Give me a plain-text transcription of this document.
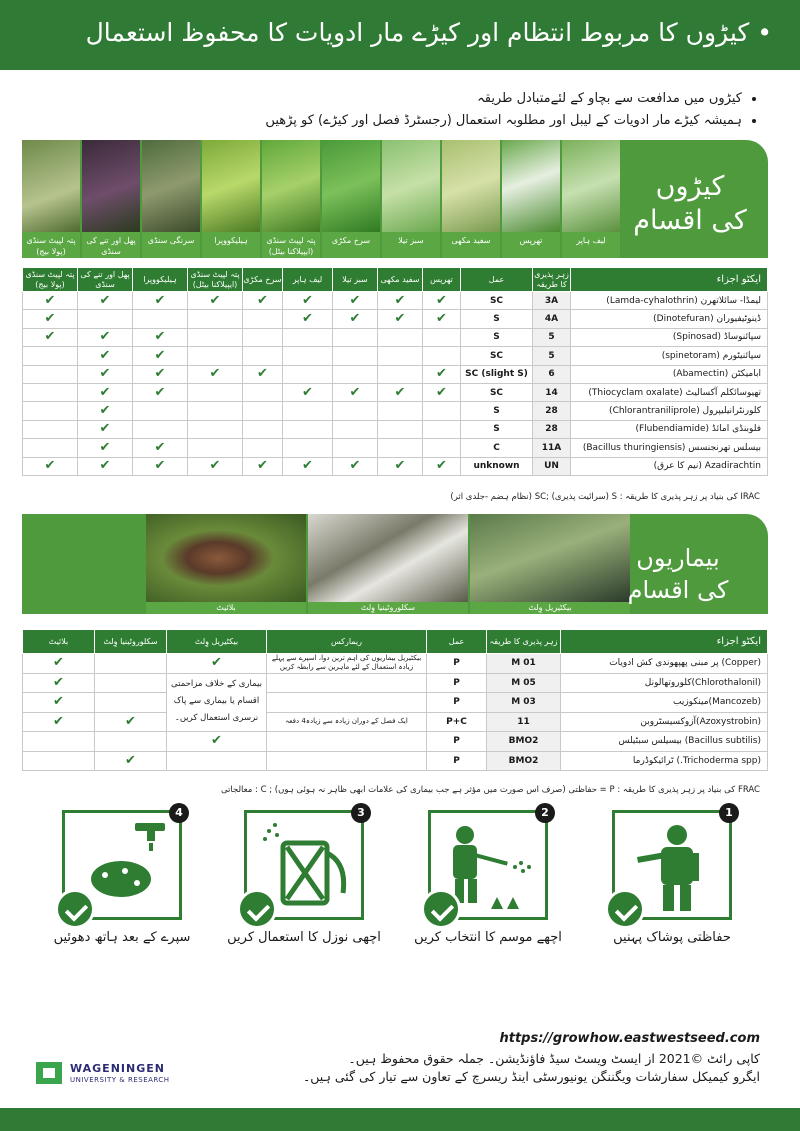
• کیڑوں کا مربوط انتظام اور کیڑے مار ادویات کا محفوظ استعمال
• کیڑوں میں مدافعت سے بچاو کے لئےمتبادل طریقہ
• ہمیشہ کیڑے مار ادویات کے لیبل اور مطلوبہ استعمال (رجسٹرڈ فصل اور کیڑے) کو پڑھیں
پتہ لپیٹ سنڈی (پولا بیج)
پھل اور تنے کی سنڈی
سرنگی سنڈی	ہیلیکووپرا	پتہ لپیٹ سنڈی (ایپیلاکنا بیٹل)
سرخ مکڑی	سبز تیلا	سفید مکھی	تھرپس	لیف ہاپر
کیڑوں
کی اقسام
پتہ لپیٹ سنڈی (پولا بیج)	پھل اور تنے کی سنڈی	ہیلیکووپرا	پتہ لپیٹ سنڈی (ایپیلاکنا بیٹل)	سرخ مکڑی	لیف ہاپر	سبز تیلا	سفید مکھی	تھرپس	عمل	زہر پذیری کا طریقہ	ایکٹو اجزاء
✔	✔	✔	✔	✔	✔	✔	✔	✔	SC	3A	لیمڈا- سائلاتھرن (Lamda-cyhalothrin)
✔					✔	✔	✔	✔	S	4A	ڈینوٹیفیوران (Dinotefuran)
✔	✔	✔							S	5	سپائنوساڈ (Spinosad)
	✔	✔							SC	5	سپائنیٹورم (spinetoram)
	✔	✔	✔	✔				✔	SC (slight S)	6	ابامیکٹن (Abamectin)
	✔	✔			✔	✔	✔	✔	SC	14	تھیوسائکلم آکسالیٹ (Thiocyclam oxalate)
	✔								S	28	کلورنٹرانیلیپرول (Chlorantraniliprole)
	✔								S	28	فلوبنڈی امائڈ (Flubendiamide)
	✔	✔							C	11A	بیسلس تھرنجنسس (Bacillus thuringiensis)
✔	✔	✔	✔	✔	✔	✔	✔	✔	unknown	UN	Azadirachtin (نیم کا عرق)
IRAC کی بنیاد پر زہر پذیری کا طریقہ : S (سرائیت پذیری) ;SC (نظام ہضم -جلدی اثر)
بلائیٹ	سکلوروٹینیا وِلٹ	بیکٹیریل وِلٹ
بیماریوں
کی اقسام
بلائیٹ	سکلوروٹینیا وِلٹ	بیکٹیریل وِلٹ	ریمارکس	عمل	زہر پذیری کا طریقہ	ایکٹو اجزاء
✔		✔	بیکٹیریل بیماریوں کی اہم ترین دوا، اسپرے سے پہلے زیادہ استعمال کے لئے ماہرین سے رابطہ کریں	P	M 01	(Copper) پر مبنی پھپھوندی کش ادویات
✔		بیماری کے خلاف مزاحمتی اقسام یا بیماری سے پاک نرسری استعمال کریں۔		P	M 05	(Chlorothalonil)کلوروتھالونل
✔				P	M 03	(Mancozeb)مینکوزیب
✔	✔		ایک فصل کے دوران زیادہ سے زیادہ4 دفعہ	P+C	11	(Azoxystrobin)آزوکسیسٹروبن
		✔		P	BMO2	(Bacillus subtilis) بیسیلس سبٹیلس
	✔			P	BMO2	(Trichoderma spp.) ٹرائیکوڈرما
FRAC کی بنیاد پر زہر پذیری کا طریقہ : P = حفاظتی (صرف اس صورت میں مؤثر ہے جب بیماری کی علامات ابھی ظاہر نہ ہوئی ہوں) ; C : معالجاتی
1
حفاظتی پوشاک پہنیں
2
اچھے موسم کا انتخاب کریں
3
اچھی نوزل کا استعمال کریں
4
سپرے کے بعد ہاتھ دھوئیں
https://growhow.eastwestseed.com
کاپی رائٹ ©2021 از ایسٹ ویسٹ سیڈ فاؤنڈیشن۔ جملہ حقوق محفوظ ہیں۔
ایگرو کیمیکل سفارشات ویگننگن یونیورسٹی اینڈ ریسرچ کے تعاون سے تیار کی گئی ہیں۔
WAGENINGEN
UNIVERSITY & RESEARCH
